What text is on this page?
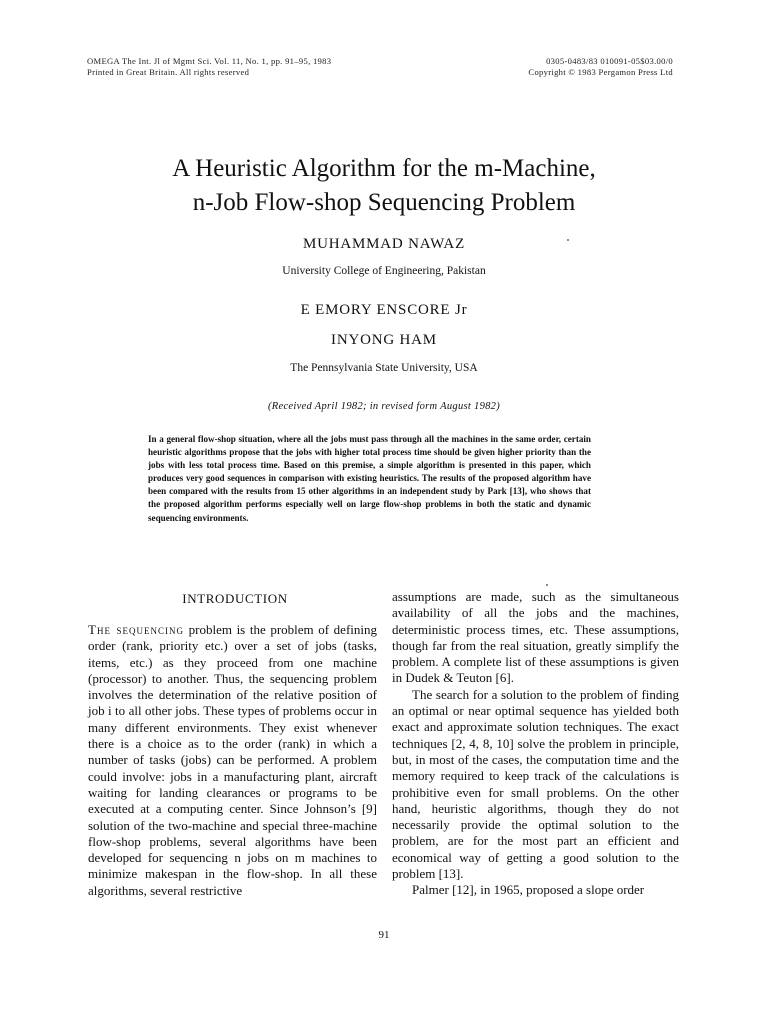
OMEGA The Int. Jl of Mgmt Sci. Vol. 11, No. 1, pp. 91–95, 1983
Printed in Great Britain. All rights reserved
0305-0483/83 010091-05$03.00/0
Copyright © 1983 Pergamon Press Ltd
A Heuristic Algorithm for the m-Machine,
n-Job Flow-shop Sequencing Problem
MUHAMMAD NAWAZ
University College of Engineering, Pakistan
E EMORY ENSCORE Jr
INYONG HAM
The Pennsylvania State University, USA
(Received April 1982; in revised form August 1982)
In a general flow-shop situation, where all the jobs must pass through all the machines in the same order, certain heuristic algorithms propose that the jobs with higher total process time should be given higher priority than the jobs with less total process time. Based on this premise, a simple algorithm is presented in this paper, which produces very good sequences in comparison with existing heuristics. The results of the proposed algorithm have been compared with the results from 15 other algorithms in an independent study by Park [13], who shows that the proposed algorithm performs especially well on large flow-shop problems in both the static and dynamic sequencing environments.
INTRODUCTION

The sequencing problem is the problem of defining order (rank, priority etc.) over a set of jobs (tasks, items, etc.) as they proceed from one machine (processor) to another. Thus, the sequencing problem involves the determination of the relative position of job i to all other jobs. These types of problems occur in many different environments. They exist whenever there is a choice as to the order (rank) in which a number of tasks (jobs) can be performed. A problem could involve: jobs in a manufacturing plant, aircraft waiting for landing clearances or programs to be executed at a computing center. Since Johnson’s [9] solution of the two-machine and special three-machine flow-shop problems, several algorithms have been developed for sequencing n jobs on m machines to minimize makespan in the flow-shop. In all these algorithms, several restrictive

assumptions are made, such as the simultaneous availability of all the jobs and the machines, deterministic process times, etc. These assumptions, though far from the real situation, greatly simplify the problem. A complete list of these assumptions is given in Dudek & Teuton [6].

The search for a solution to the problem of finding an optimal or near optimal sequence has yielded both exact and approximate solution techniques. The exact techniques [2, 4, 8, 10] solve the problem in principle, but, in most of the cases, the computation time and the memory required to keep track of the calculations is prohibitive even for small problems. On the other hand, heuristic algorithms, though they do not necessarily provide the optimal solution to the problem, are for the most part an efficient and economical way of getting a good solution to the problem [13].

Palmer [12], in 1965, proposed a slope order

91
